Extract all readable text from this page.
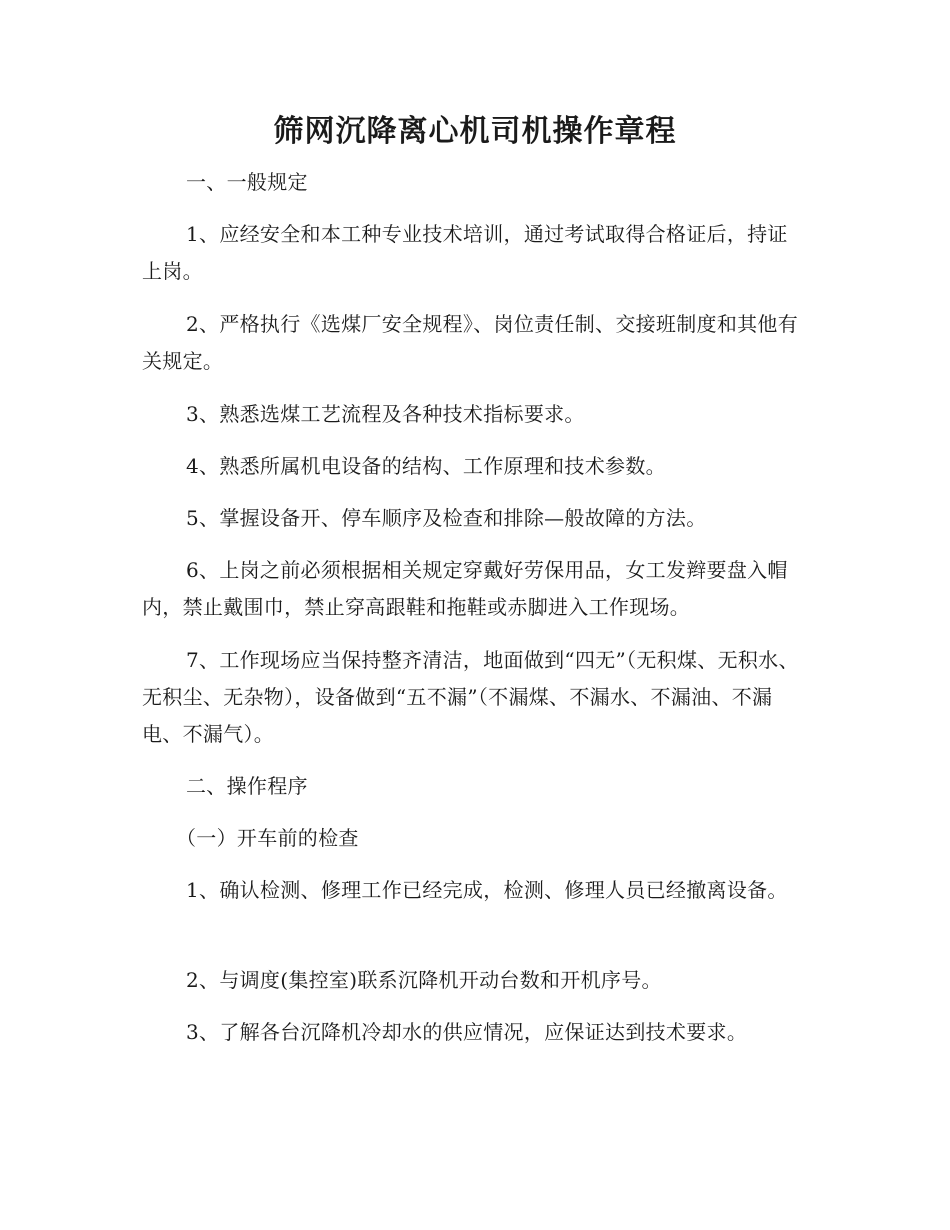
筛网沉降离心机司机操作章程

一、一般规定

1、应经安全和本工种专业技术培训，通过考试取得合格证后，持证上岗。

2、严格执行《选煤厂安全规程》、岗位责任制、交接班制度和其他有关规定。

3、熟悉选煤工艺流程及各种技术指标要求。

4、熟悉所属机电设备的结构、工作原理和技术参数。

5、掌握设备开、停车顺序及检查和排除—般故障的方法。

6、上岗之前必须根据相关规定穿戴好劳保用品，女工发辫要盘入帽内，禁止戴围巾，禁止穿高跟鞋和拖鞋或赤脚进入工作现场。

7、工作现场应当保持整齐清洁，地面做到“四无”（无积煤、无积水、无积尘、无杂物），设备做到“五不漏”（不漏煤、不漏水、不漏油、不漏电、不漏气）。

二、操作程序

（一）开车前的检查

1、确认检测、修理工作已经完成，检测、修理人员已经撤离设备。

2、与调度(集控室)联系沉降机开动台数和开机序号。

3、了解各台沉降机冷却水的供应情况，应保证达到技术要求。
